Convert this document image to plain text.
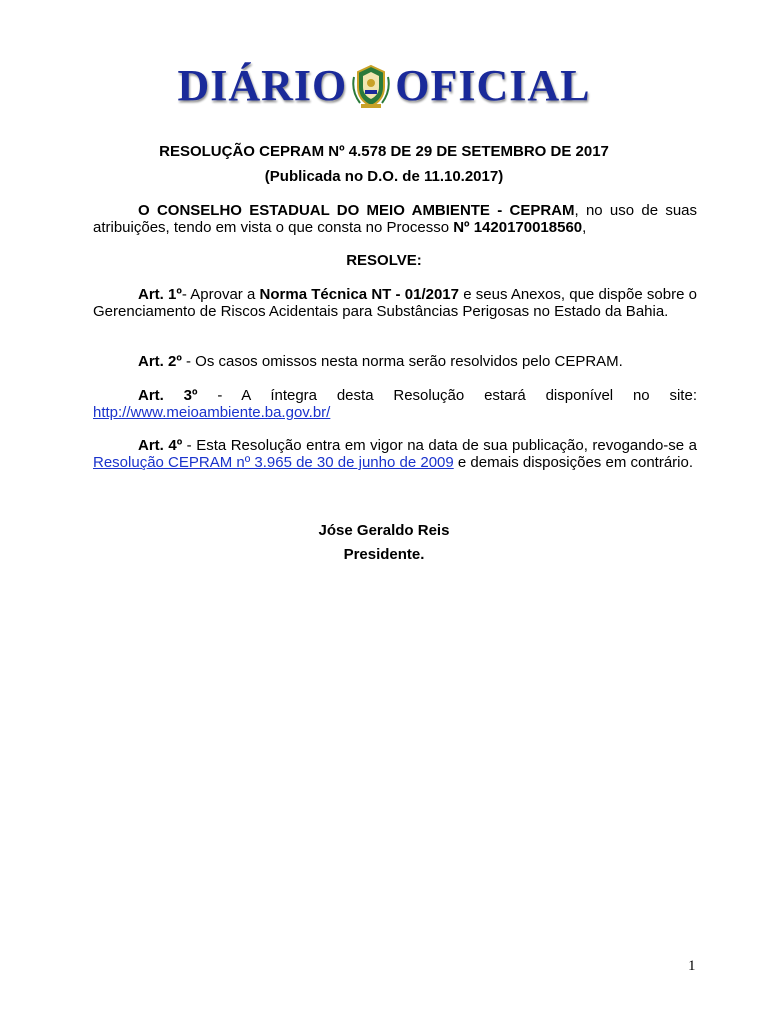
DIÁRIO OFICIAL
RESOLUÇÃO CEPRAM Nº 4.578 DE 29 DE SETEMBRO DE 2017
(Publicada no D.O. de 11.10.2017)
O CONSELHO ESTADUAL DO MEIO AMBIENTE - CEPRAM, no uso de suas atribuições, tendo em vista o que consta no Processo Nº 1420170018560,
RESOLVE:
Art. 1º- Aprovar a Norma Técnica NT - 01/2017 e seus Anexos, que dispõe sobre o Gerenciamento de Riscos Acidentais para Substâncias Perigosas no Estado da Bahia.
Art. 2º - Os casos omissos nesta norma serão resolvidos pelo CEPRAM.
Art. 3º - A íntegra desta Resolução estará disponível no site: http://www.meioambiente.ba.gov.br/
Art. 4º - Esta Resolução entra em vigor na data de sua publicação, revogando-se a Resolução CEPRAM nº 3.965 de 30 de junho de 2009 e demais disposições em contrário.
Jóse Geraldo Reis
Presidente.
1
